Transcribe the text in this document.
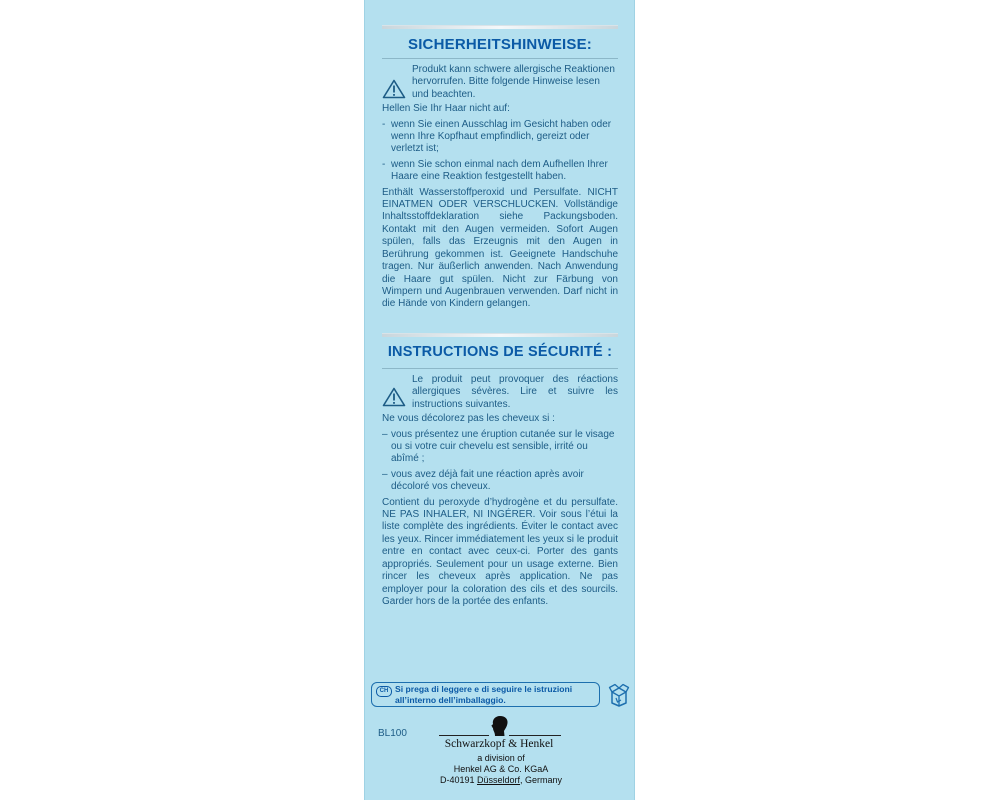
SICHERHEITSHINWEISE:

Produkt kann schwere allergische Reaktionen hervorrufen. Bitte folgende Hinweise lesen und beachten.

Hellen Sie Ihr Haar nicht auf:

- wenn Sie einen Ausschlag im Gesicht haben oder wenn Ihre Kopfhaut empfindlich, gereizt oder verletzt ist;
- wenn Sie schon einmal nach dem Aufhellen Ihrer Haare eine Reaktion festgestellt haben.

Enthält Wasserstoffperoxid und Persulfate. NICHT EINATMEN ODER VERSCHLUCKEN. Vollständige Inhaltsstoffdeklaration siehe Packungsboden. Kontakt mit den Augen vermeiden. Sofort Augen spülen, falls das Erzeugnis mit den Augen in Berührung gekommen ist. Geeignete Handschuhe tragen. Nur äußerlich anwenden. Nach Anwendung die Haare gut spülen. Nicht zur Färbung von Wimpern und Augenbrauen verwenden. Darf nicht in die Hände von Kindern gelangen.

INSTRUCTIONS DE SÉCURITÉ :

Le produit peut provoquer des réactions allergiques sévères. Lire et suivre les instructions suivantes.

Ne vous décolorez pas les cheveux si :

– vous présentez une éruption cutanée sur le visage ou si votre cuir chevelu est sensible, irrité ou abîmé ;
– vous avez déjà fait une réaction après avoir décoloré vos cheveux.

Contient du peroxyde d’hydrogène et du persulfate. NE PAS INHALER, NI INGÉRER. Voir sous l’étui la liste complète des ingrédients. Éviter le contact avec les yeux. Rincer immédiatement les yeux si le produit entre en contact avec ceux-ci. Porter des gants appropriés. Seulement pour un usage externe. Bien rincer les cheveux après application. Ne pas employer pour la coloration des cils et des sourcils. Garder hors de la portée des enfants.

CH Si prega di leggere e di seguire le istruzioni all’interno dell’imballaggio.
BL100
Schwarzkopf & Henkel

a division of

Henkel AG & Co. KGaA

D-40191 Düsseldorf, Germany
